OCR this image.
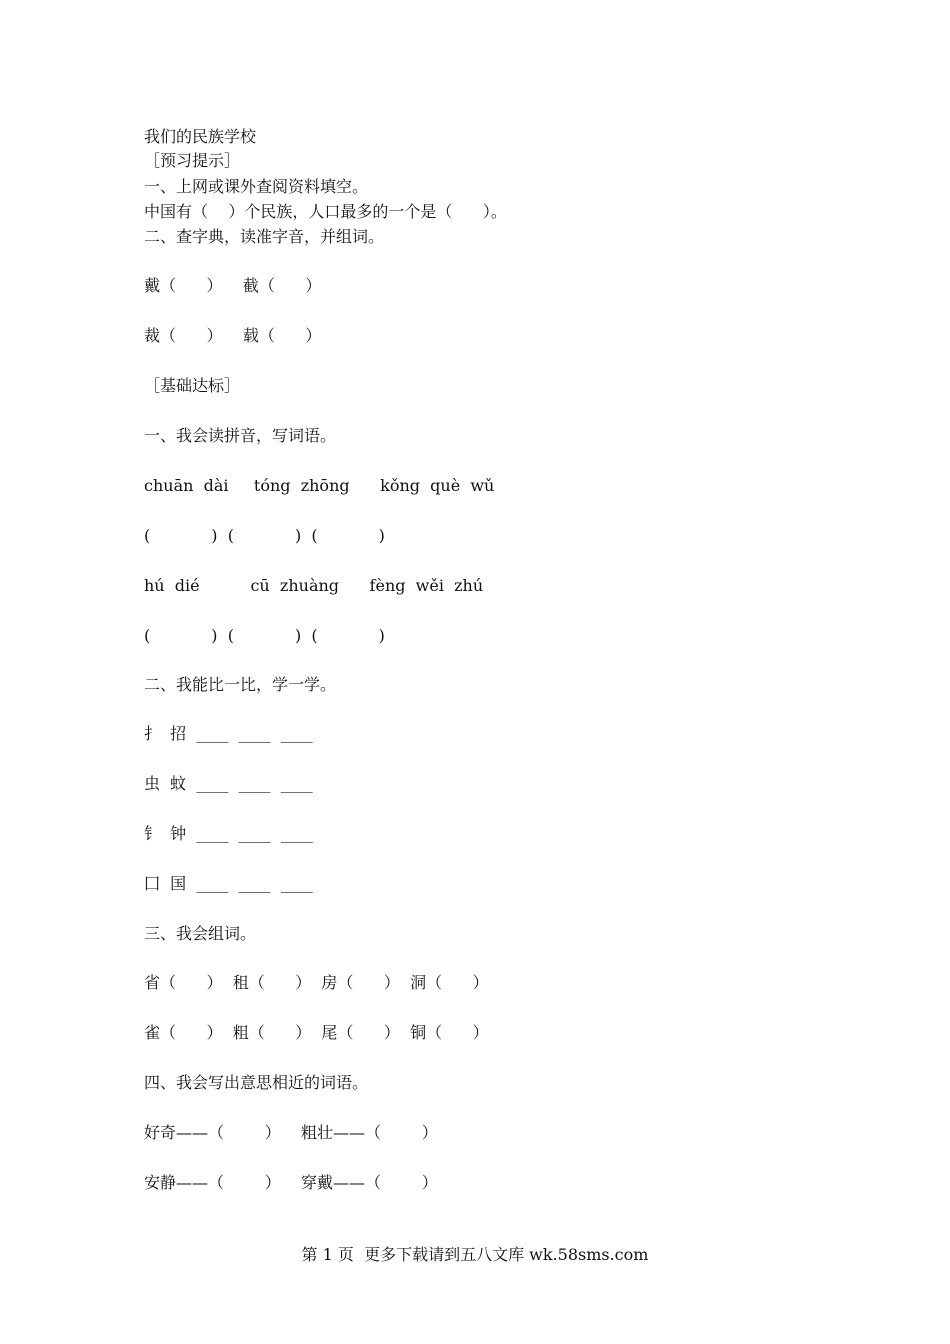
我们的民族学校
［预习提示］
一、上网或课外查阅资料填空。
中国有（    ）个民族，人口最多的一个是（      ）。
二、查字典，读准字音，并组词。
戴（      ）    截（      ）
裁（      ）    载（      ）
［基础达标］
一、我会读拼音，写词语。
chuān  dài     tóng  zhōng      kǒng  què  wǔ
(            )  (            )  (            )
hú  dié          cū  zhuàng      fèng  wěi  zhú
(            )  (            )  (            )
二、我能比一比，学一学。
扌  招  ____  ____  ____
虫  蚊  ____  ____  ____
钅  钟  ____  ____  ____
囗  国  ____  ____  ____
三、我会组词。
省（      ）  租（      ）  房（      ）  洞（      ）
雀（      ）  粗（      ）  尾（      ）  铜（      ）
四、我会写出意思相近的词语。
好奇——（        ）    粗壮——（        ）
安静——（        ）    穿戴——（        ）
第 1 页  更多下载请到五八文库 wk.58sms.com
